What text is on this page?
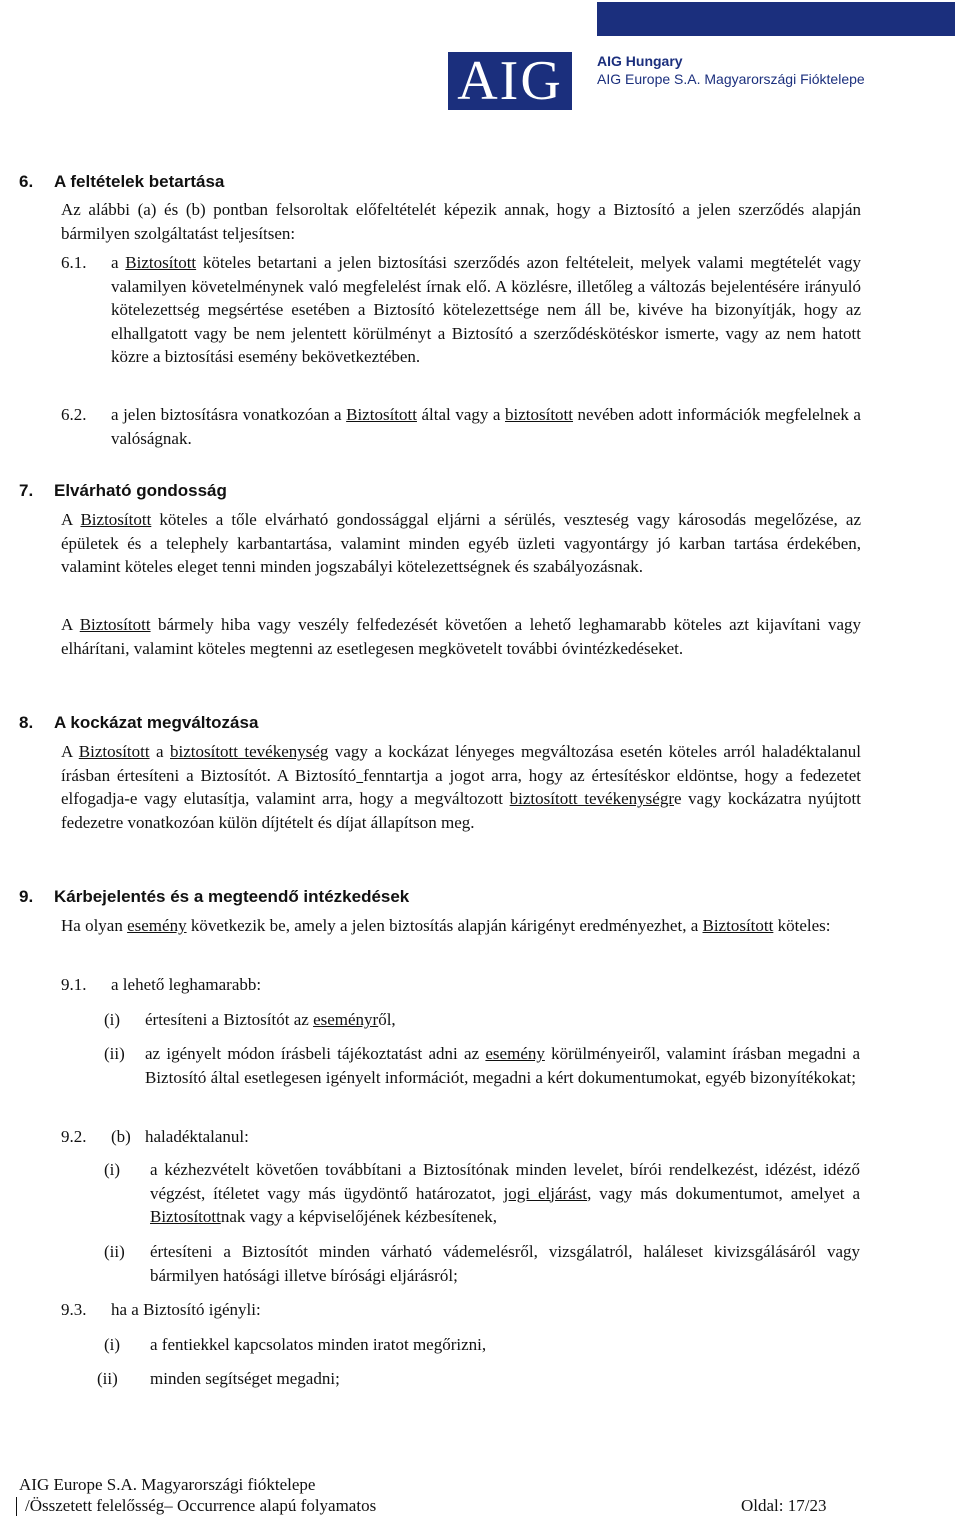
AIG AIG Hungary
AIG Europe S.A. Magyarországi Fióktelepe
6. A feltételek betartása
Az alábbi (a) és (b) pontban felsoroltak előfeltételét képezik annak, hogy a Biztosító a jelen szerződés alapján bármilyen szolgáltatást teljesítsen:
6.1. a Biztosított köteles betartani a jelen biztosítási szerződés azon feltételeit, melyek valami megtételét vagy valamilyen követelménynek való megfelelést írnak elő. A közlésre, illetőleg a változás bejelentésére irányuló kötelezettség megsértése esetében a Biztosító kötelezettsége nem áll be, kivéve ha bizonyítják, hogy az elhallgatott vagy be nem jelentett körülményt a Biztosító a szerződéskötéskor ismerte, vagy az nem hatott közre a biztosítási esemény bekövetkeztében.
6.2. a jelen biztosításra vonatkozóan a Biztosított által vagy a biztosított nevében adott információk megfelelnek a valóságnak.
7. Elvárható gondosság
A Biztosított köteles a tőle elvárható gondossággal eljárni a sérülés, veszteség vagy károsodás megelőzése, az épületek és a telephely karbantartása, valamint minden egyéb üzleti vagyontárgy jó karban tartása érdekében, valamint köteles eleget tenni minden jogszabályi kötelezettségnek és szabályozásnak.
A Biztosított bármely hiba vagy veszély felfedezését követően a lehető leghamarabb köteles azt kijavítani vagy elhárítani, valamint köteles megtenni az esetlegesen megkövetelt további óvintézkedéseket.
8. A kockázat megváltozása
A Biztosított a biztosított tevékenység vagy a kockázat lényeges megváltozása esetén köteles arról haladéktalanul írásban értesíteni a Biztosítót. A Biztosító fenntartja a jogot arra, hogy az értesítéskor eldöntse, hogy a fedezetet elfogadja-e vagy elutasítja, valamint arra, hogy a megváltozott biztosított tevékenységre vagy kockázatra nyújtott fedezetre vonatkozóan külön díjtételt és díjat állapítson meg.
9. Kárbejelentés és a megteendő intézkedések
Ha olyan esemény következik be, amely a jelen biztosítás alapján kárigényt eredményezhet, a Biztosított köteles:
9.1. a lehető leghamarabb:
(i) értesíteni a Biztosítót az eseményről,
(ii) az igényelt módon írásbeli tájékoztatást adni az esemény körülményeiről, valamint írásban megadni a Biztosító által esetlegesen igényelt információt, megadni a kért dokumentumokat, egyéb bizonyítékokat;
9.2. (b) haladéktalanul:
(i) a kézhezvételt követően továbbítani a Biztosítónak minden levelet, bírói rendelkezést, idézést, idéző végzést, ítéletet vagy más ügydöntő határozatot, jogi eljárást, vagy más dokumentumot, amelyet a Biztosítottnak vagy a képviselőjének kézbesítenek,
(ii) értesíteni a Biztosítót minden várható vádemelésről, vizsgálatról, haláleset kivizsgálásáról vagy bármilyen hatósági illetve bírósági eljárásról;
9.3. ha a Biztosító igényli:
(i) a fentiekkel kapcsolatos minden iratot megőrizni,
(ii) minden segítséget megadni;
AIG Europe S.A. Magyarországi fióktelepe
/Összetett felelősség– Occurrence alapú folyamatos	Oldal: 17/23
